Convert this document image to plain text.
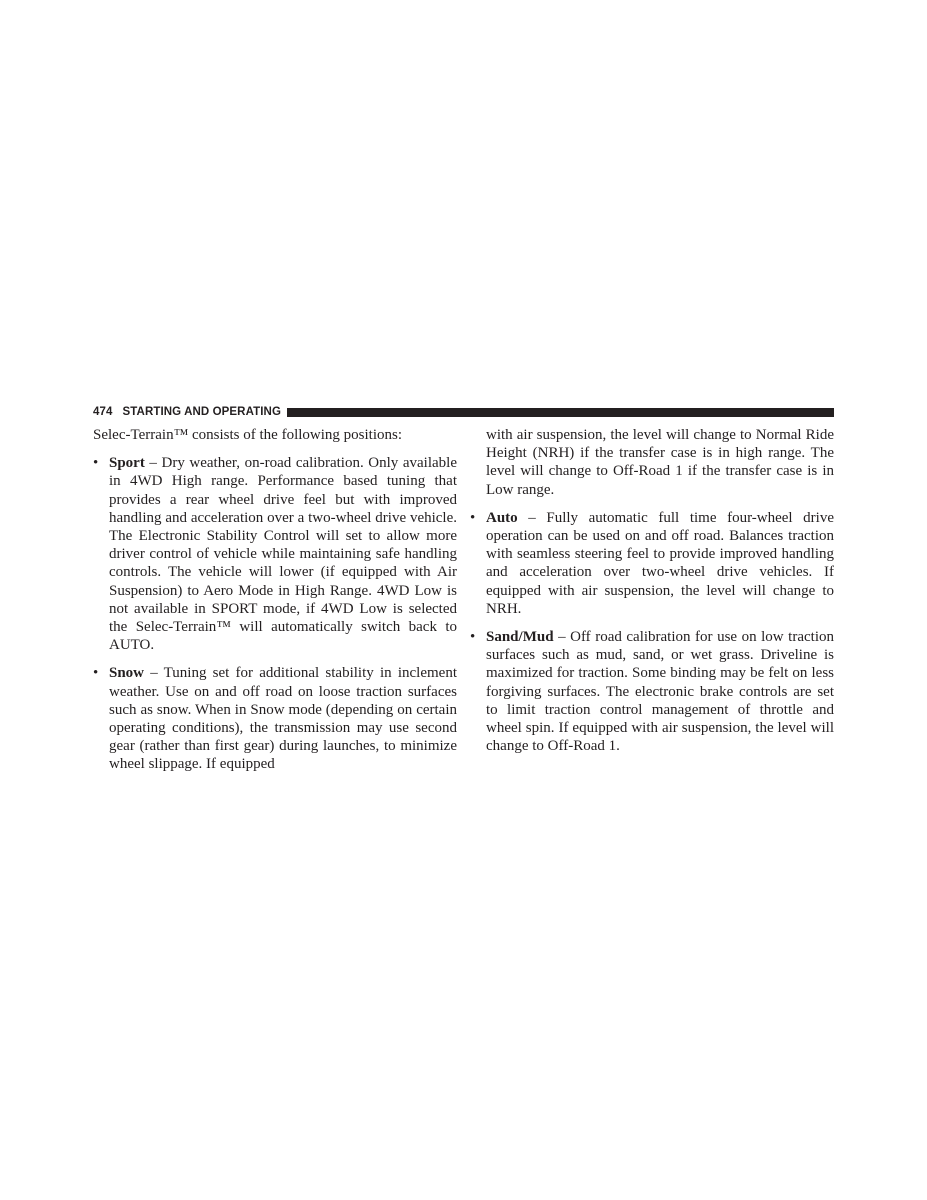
474 STARTING AND OPERATING

Selec-Terrain™ consists of the following positions:

• Sport – Dry weather, on-road calibration. Only available in 4WD High range. Performance based tuning that provides a rear wheel drive feel but with improved handling and acceleration over a two-wheel drive vehicle. The Electronic Stability Control will set to allow more driver control of vehicle while maintaining safe handling controls. The vehicle will lower (if equipped with Air Suspension) to Aero Mode in High Range. 4WD Low is not available in SPORT mode, if 4WD Low is selected the Selec-Terrain™ will automatically switch back to AUTO.
• Snow – Tuning set for additional stability in inclement weather. Use on and off road on loose traction surfaces such as snow. When in Snow mode (depending on certain operating conditions), the transmission may use second gear (rather than first gear) during launches, to minimize wheel slippage. If equipped

with air suspension, the level will change to Normal Ride Height (NRH) if the transfer case is in high range. The level will change to Off-Road 1 if the transfer case is in Low range.

• Auto – Fully automatic full time four-wheel drive operation can be used on and off road. Balances traction with seamless steering feel to provide improved handling and acceleration over two-wheel drive vehicles. If equipped with air suspension, the level will change to NRH.
• Sand/Mud – Off road calibration for use on low traction surfaces such as mud, sand, or wet grass. Driveline is maximized for traction. Some binding may be felt on less forgiving surfaces. The electronic brake controls are set to limit traction control management of throttle and wheel spin. If equipped with air suspension, the level will change to Off-Road 1.
